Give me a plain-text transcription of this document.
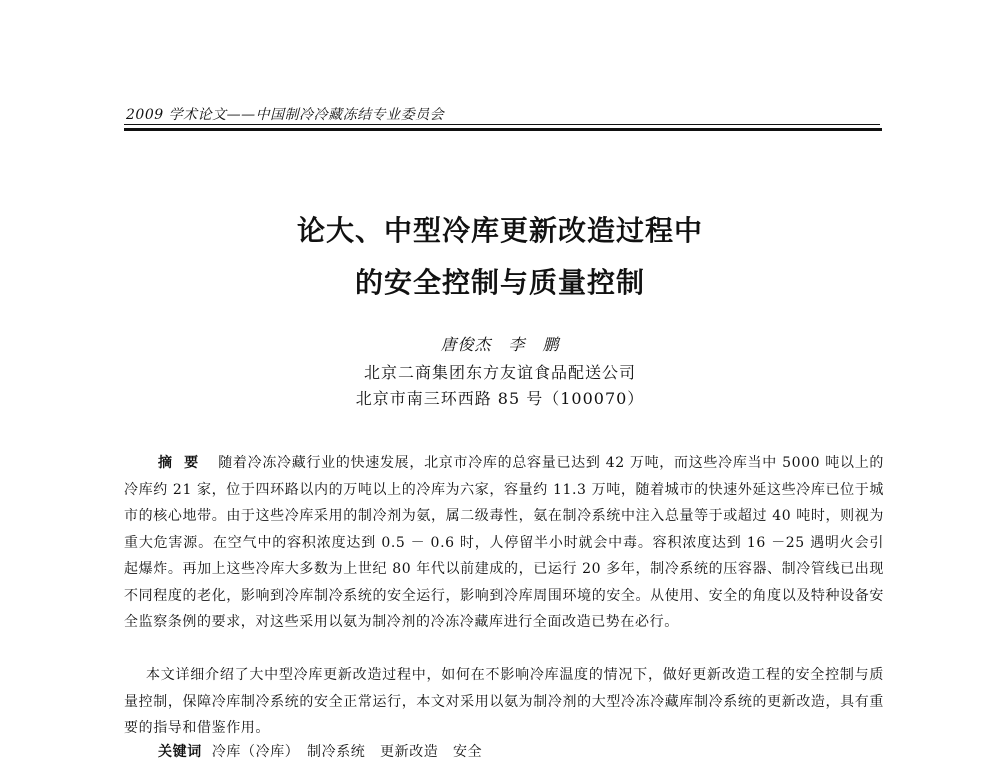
2009 学术论文——中国制冷冷藏冻结专业委员会
论大、中型冷库更新改造过程中
的安全控制与质量控制
唐俊杰　李　鹏
北京二商集团东方友谊食品配送公司
北京市南三环西路 85 号（100070）
摘要 随着冷冻冷藏行业的快速发展，北京市冷库的总容量已达到 42 万吨，而这些冷库当中 5000 吨以上的冷库约 21 家，位于四环路以内的万吨以上的冷库为六家，容量约 11.3 万吨，随着城市的快速外延这些冷库已位于城市的核心地带。由于这些冷库采用的制冷剂为氨，属二级毒性，氨在制冷系统中注入总量等于或超过 40 吨时，则视为重大危害源。在空气中的容积浓度达到 0.5 － 0.6 时，人停留半小时就会中毒。容积浓度达到 16 －25 遇明火会引起爆炸。再加上这些冷库大多数为上世纪 80 年代以前建成的，已运行 20 多年，制冷系统的压容器、制冷管线已出现不同程度的老化，影响到冷库制冷系统的安全运行，影响到冷库周围环境的安全。从使用、安全的角度以及特种设备安全监察条例的要求，对这些采用以氨为制冷剂的冷冻冷藏库进行全面改造已势在必行。
本文详细介绍了大中型冷库更新改造过程中，如何在不影响冷库温度的情况下，做好更新改造工程的安全控制与质量控制，保障冷库制冷系统的安全正常运行，本文对采用以氨为制冷剂的大型冷冻冷藏库制冷系统的更新改造，具有重要的指导和借鉴作用。
关键词 冷库（冷库）　制冷系统　更新改造　安全
